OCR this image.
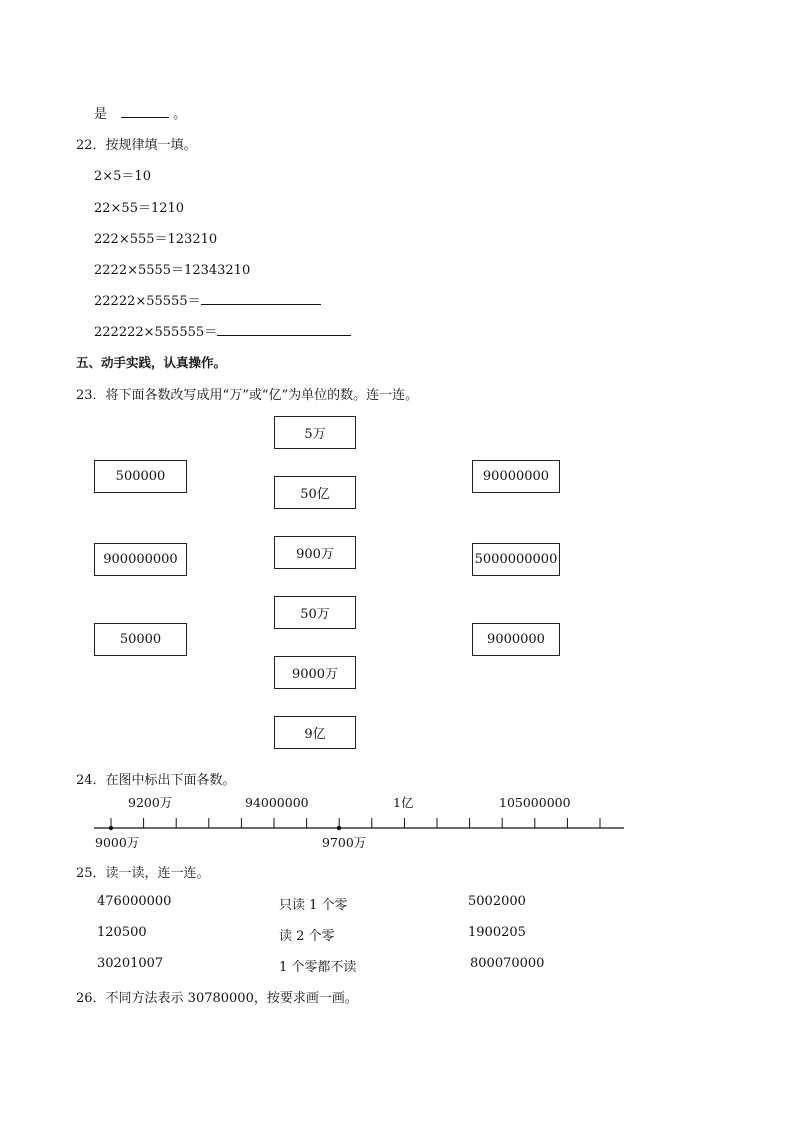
是	。
22．按规律填一填。
2×5＝10
22×55＝1210
222×555＝123210
2222×5555＝12343210
22222×55555＝
222222×555555＝
五、动手实践，认真操作。
23．将下面各数改写成用“万”或“亿”为单位的数。连一连。
500000
900000000
50000
5万
50亿
900万
50万
9000万
9亿
90000000
5000000000
9000000
24．在图中标出下面各数。
9200万	94000000	1亿	105000000
9000万	9700万
25．读一读，连一连。
476000000
120500
30201007
只读 1 个零
读 2 个零
1 个零都不读
5002000
1900205
800070000
26．不同方法表示 30780000，按要求画一画。
